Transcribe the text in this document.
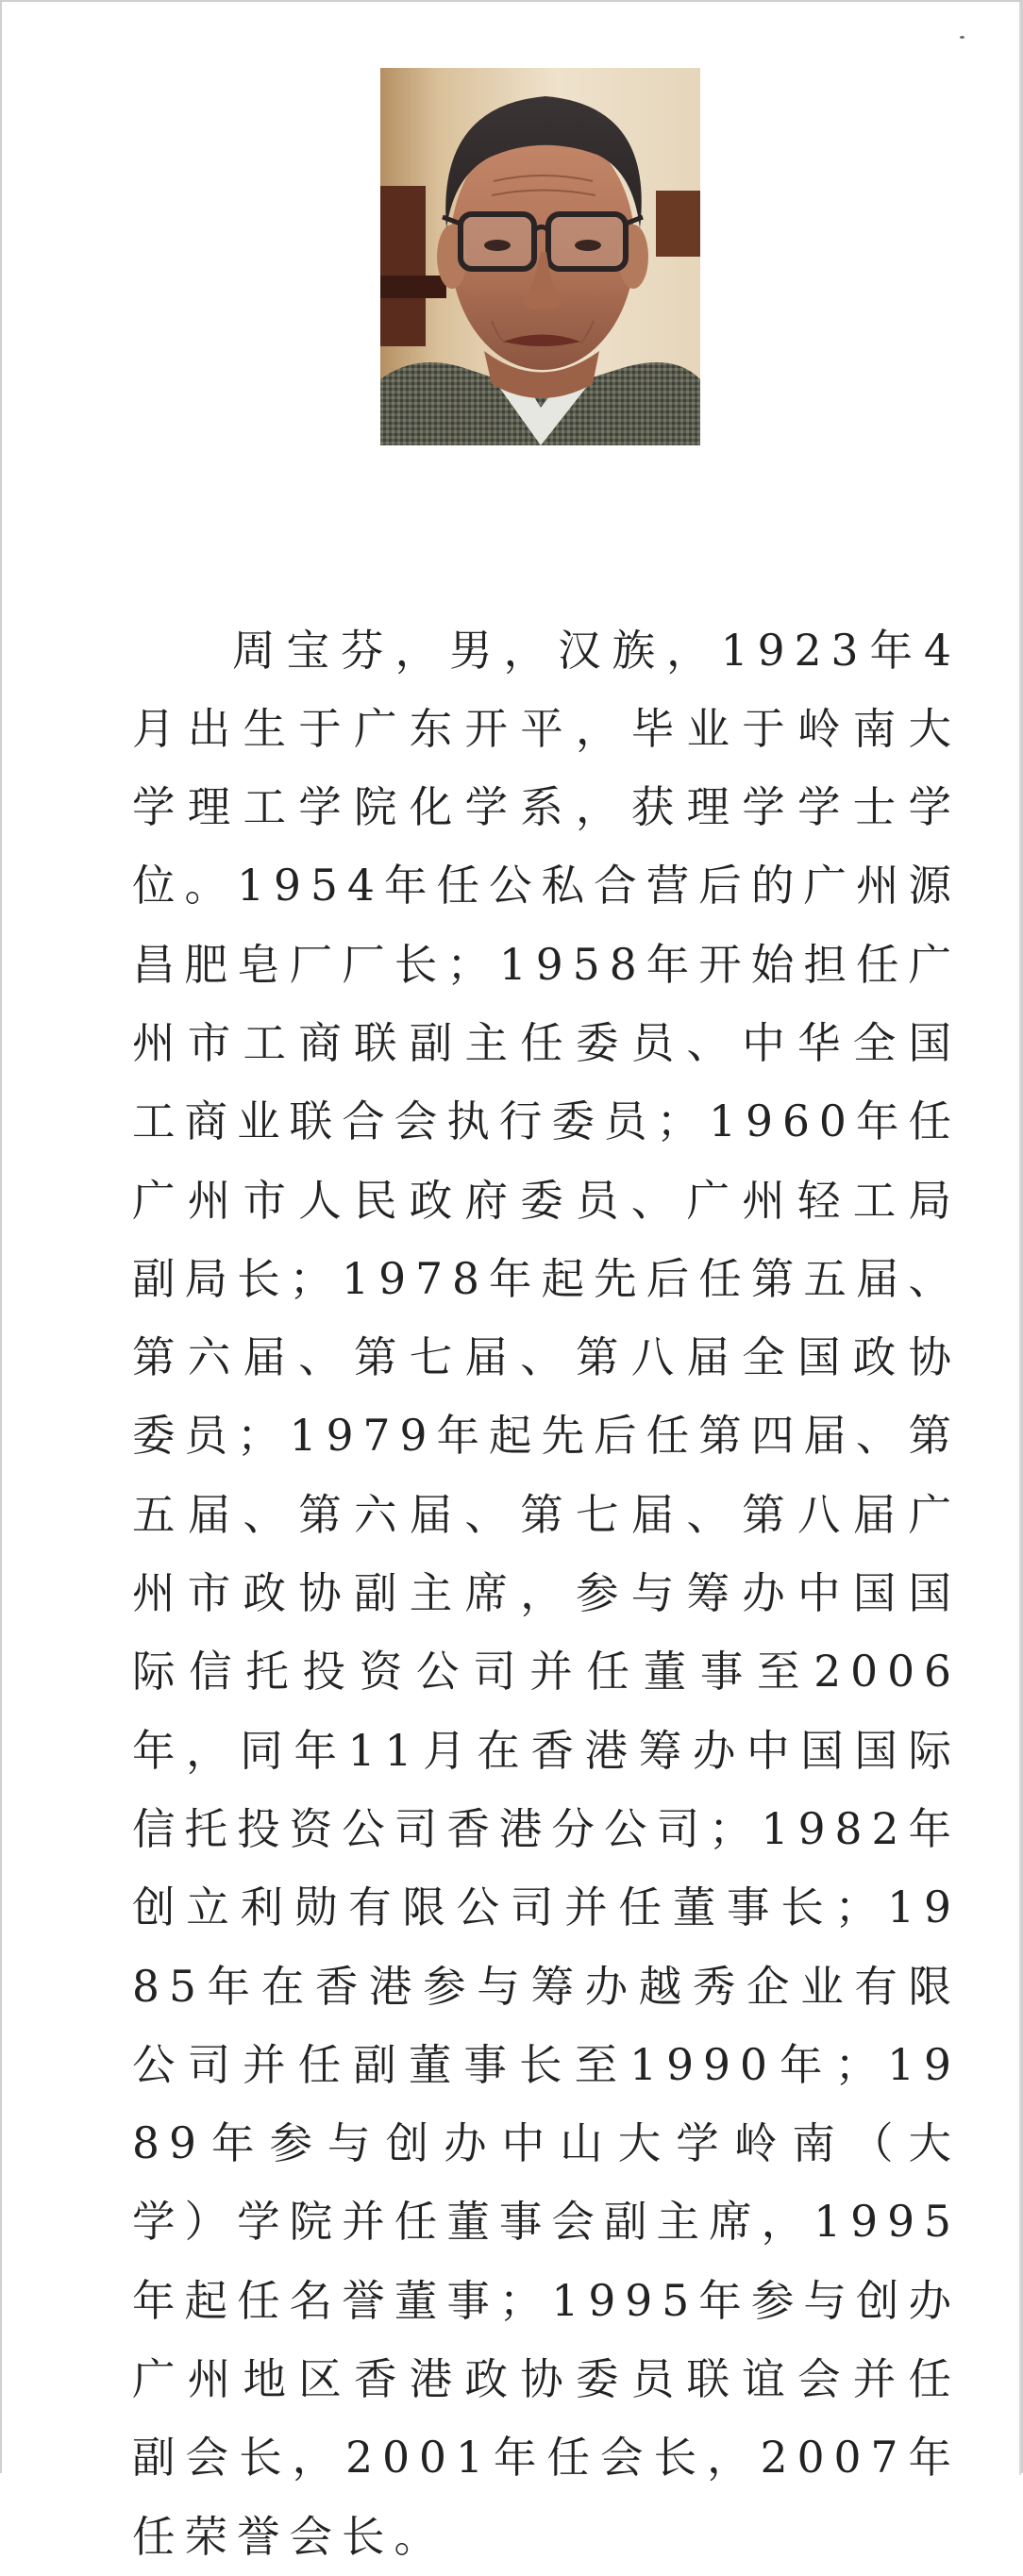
周宝芬，男，汉族，1923年4月出生于广东开平，毕业于岭南大学理工学院化学系，获理学学士学位。1954年任公私合营后的广州源昌肥皂厂厂长；1958年开始担任广州市工商联副主任委员、中华全国工商业联合会执行委员；1960年任广州市人民政府委员、广州轻工局副局长；1978年起先后任第五届、第六届、第七届、第八届全国政协委员；1979年起先后任第四届、第五届、第六届、第七届、第八届广州市政协副主席，参与筹办中国国际信托投资公司并任董事至2006年，同年11月在香港筹办中国国际信托投资公司香港分公司；1982年创立利勋有限公司并任董事长；1985年在香港参与筹办越秀企业有限公司并任副董事长至1990年；1989年参与创办中山大学岭南（大学）学院并任董事会副主席，1995年起任名誉董事；1995年参与创办广州地区香港政协委员联谊会并任副会长，2001年任会长，2007年任荣誉会长。
